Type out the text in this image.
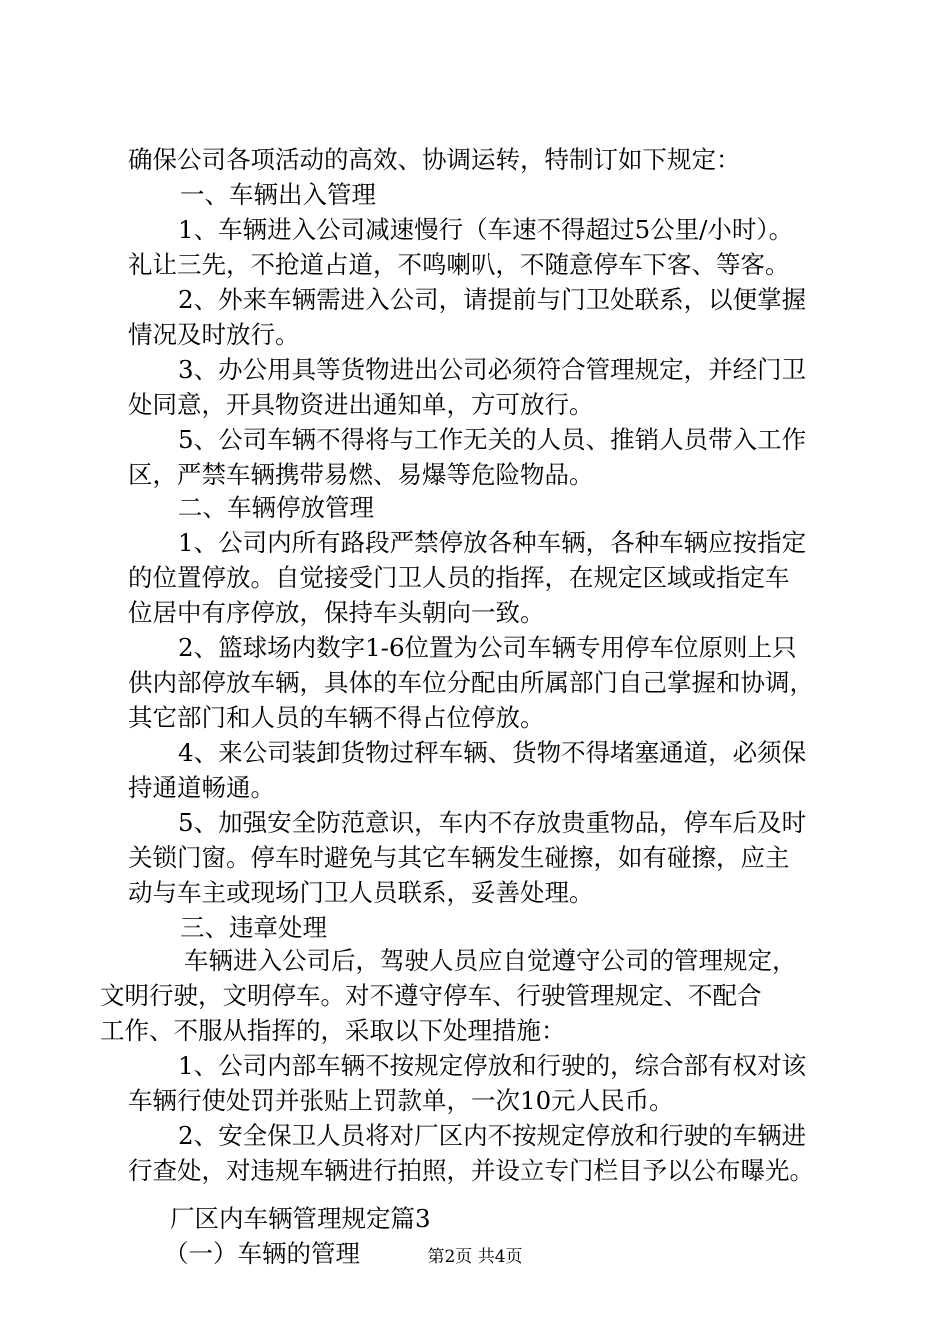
确保公司各项活动的高效、协调运转，特制订如下规定：

一、车辆出入管理

1、车辆进入公司减速慢行（车速不得超过5公里/小时）。

礼让三先，不抢道占道，不鸣喇叭，不随意停车下客、等客。

2、外来车辆需进入公司，请提前与门卫处联系，以便掌握

情况及时放行。

3、办公用具等货物进出公司必须符合管理规定，并经门卫

处同意，开具物资进出通知单，方可放行。

5、公司车辆不得将与工作无关的人员、推销人员带入工作

区，严禁车辆携带易燃、易爆等危险物品。

二、车辆停放管理

1、公司内所有路段严禁停放各种车辆，各种车辆应按指定

的位置停放。自觉接受门卫人员的指挥，在规定区域或指定车

位居中有序停放，保持车头朝向一致。

2、篮球场内数字1-6位置为公司车辆专用停车位原则上只

供内部停放车辆，具体的车位分配由所属部门自己掌握和协调，

其它部门和人员的车辆不得占位停放。

4、来公司装卸货物过秤车辆、货物不得堵塞通道，必须保

持通道畅通。

5、加强安全防范意识，车内不存放贵重物品，停车后及时

关锁门窗。停车时避免与其它车辆发生碰擦，如有碰擦，应主

动与车主或现场门卫人员联系，妥善处理。

三、违章处理

车辆进入公司后，驾驶人员应自觉遵守公司的管理规定，

文明行驶，文明停车。对不遵守停车、行驶管理规定、不配合

工作、不服从指挥的，采取以下处理措施：

1、公司内部车辆不按规定停放和行驶的，综合部有权对该

车辆行使处罚并张贴上罚款单，一次10元人民币。

2、安全保卫人员将对厂区内不按规定停放和行驶的车辆进

行查处，对违规车辆进行拍照，并设立专门栏目予以公布曝光。

厂区内车辆管理规定篇3

（一）车辆的管理	第2页 共4页
